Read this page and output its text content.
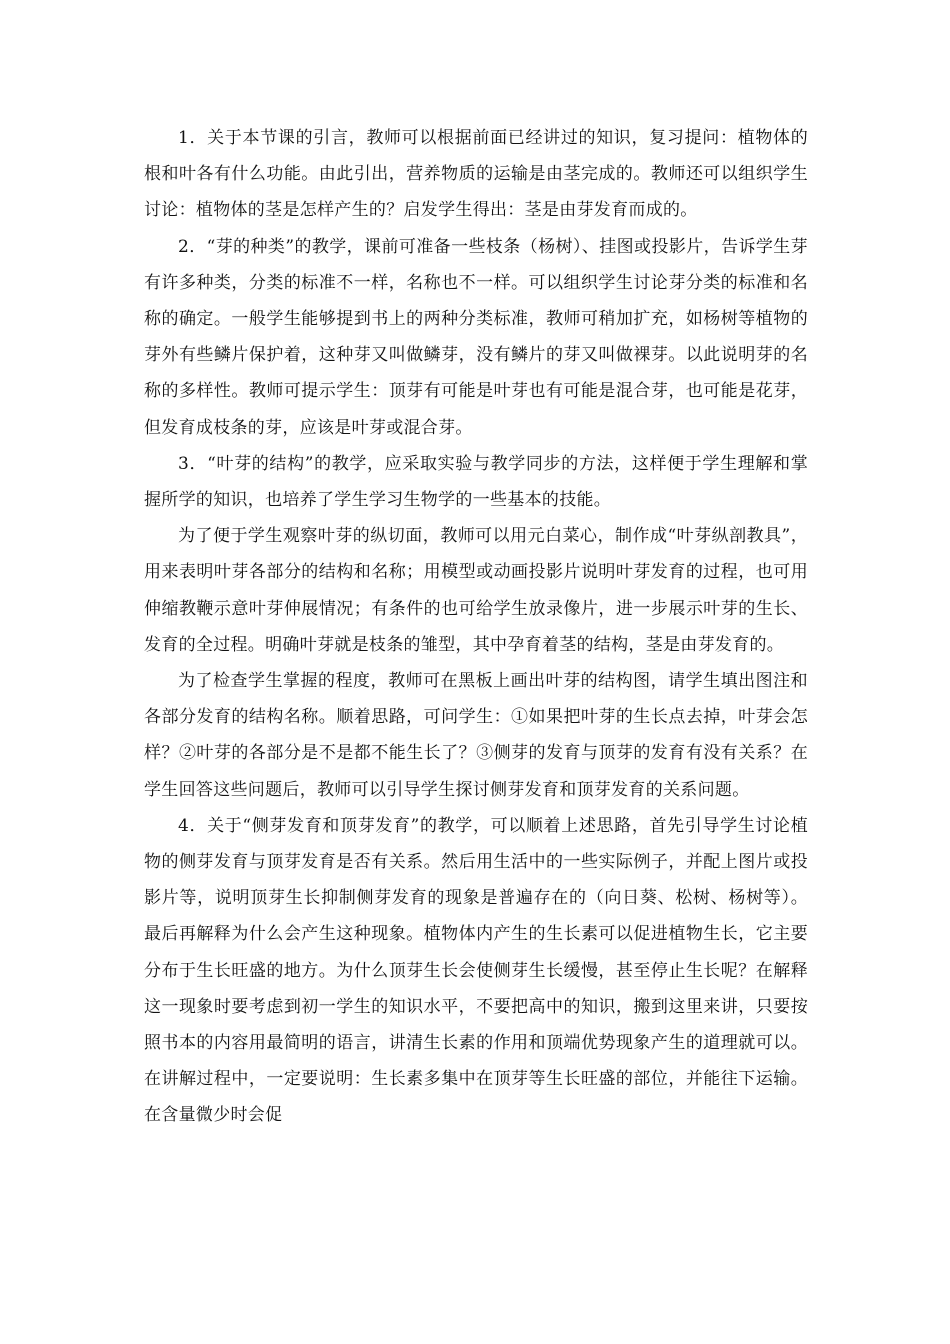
1．关于本节课的引言，教师可以根据前面已经讲过的知识，复习提问：植物体的根和叶各有什么功能。由此引出，营养物质的运输是由茎完成的。教师还可以组织学生讨论：植物体的茎是怎样产生的？启发学生得出：茎是由芽发育而成的。

2．“芽的种类”的教学，课前可准备一些枝条（杨树）、挂图或投影片，告诉学生芽有许多种类，分类的标准不一样，名称也不一样。可以组织学生讨论芽分类的标准和名称的确定。一般学生能够提到书上的两种分类标准，教师可稍加扩充，如杨树等植物的芽外有些鳞片保护着，这种芽又叫做鳞芽，没有鳞片的芽又叫做裸芽。以此说明芽的名称的多样性。教师可提示学生：顶芽有可能是叶芽也有可能是混合芽，也可能是花芽，但发育成枝条的芽，应该是叶芽或混合芽。

3．“叶芽的结构”的教学，应采取实验与教学同步的方法，这样便于学生理解和掌握所学的知识，也培养了学生学习生物学的一些基本的技能。

为了便于学生观察叶芽的纵切面，教师可以用元白菜心，制作成“叶芽纵剖教具”，用来表明叶芽各部分的结构和名称；用模型或动画投影片说明叶芽发育的过程，也可用伸缩教鞭示意叶芽伸展情况；有条件的也可给学生放录像片，进一步展示叶芽的生长、发育的全过程。明确叶芽就是枝条的雏型，其中孕育着茎的结构，茎是由芽发育的。

为了检查学生掌握的程度，教师可在黑板上画出叶芽的结构图，请学生填出图注和各部分发育的结构名称。顺着思路，可问学生：①如果把叶芽的生长点去掉，叶芽会怎样？②叶芽的各部分是不是都不能生长了？③侧芽的发育与顶芽的发育有没有关系？在学生回答这些问题后，教师可以引导学生探讨侧芽发育和顶芽发育的关系问题。

4．关于“侧芽发育和顶芽发育”的教学，可以顺着上述思路，首先引导学生讨论植物的侧芽发育与顶芽发育是否有关系。然后用生活中的一些实际例子，并配上图片或投影片等，说明顶芽生长抑制侧芽发育的现象是普遍存在的（向日葵、松树、杨树等）。最后再解释为什么会产生这种现象。植物体内产生的生长素可以促进植物生长，它主要分布于生长旺盛的地方。为什么顶芽生长会使侧芽生长缓慢，甚至停止生长呢？在解释这一现象时要考虑到初一学生的知识水平，不要把高中的知识，搬到这里来讲，只要按照书本的内容用最简明的语言，讲清生长素的作用和顶端优势现象产生的道理就可以。在讲解过程中，一定要说明：生长素多集中在顶芽等生长旺盛的部位，并能往下运输。在含量微少时会促
